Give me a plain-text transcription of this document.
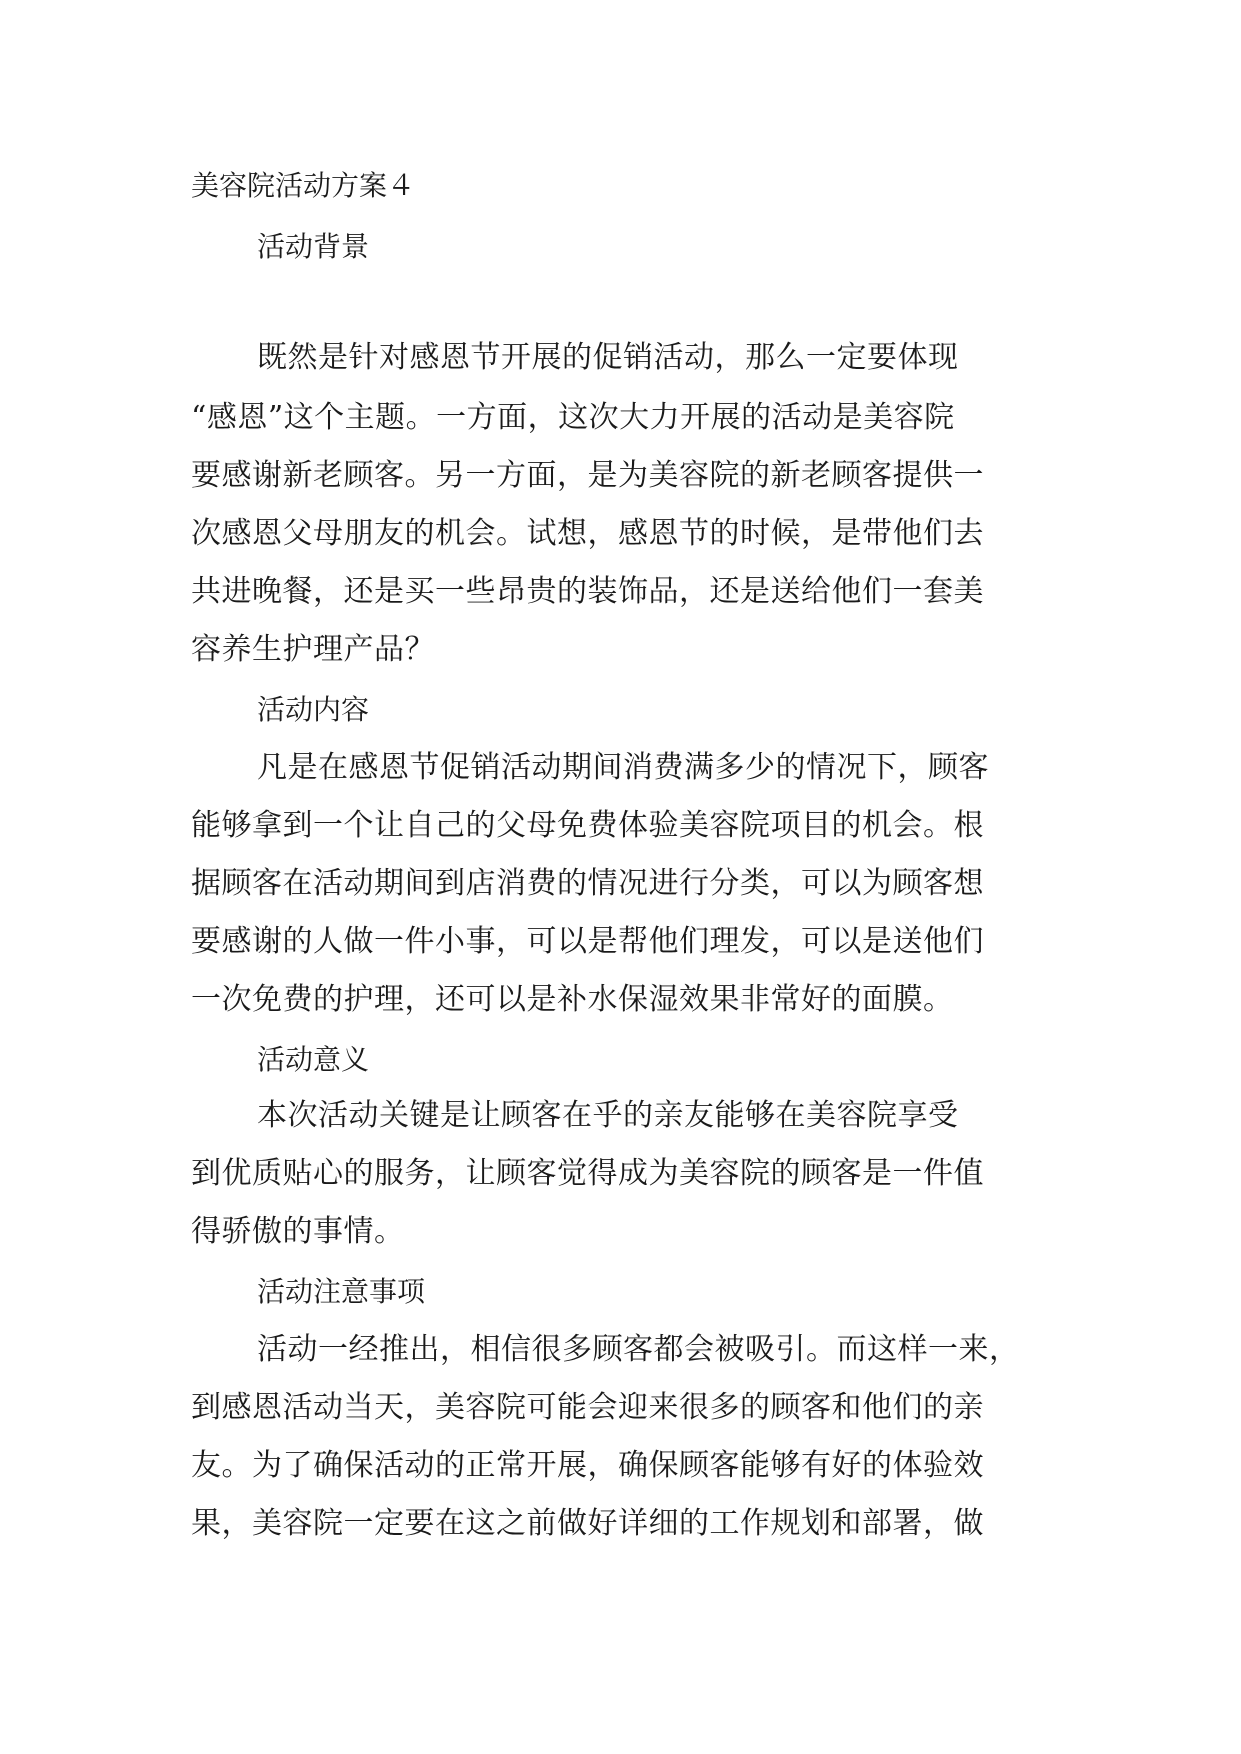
美容院活动方案４
活动背景
既然是针对感恩节开展的促销活动，那么一定要体现
“感恩”这个主题。一方面，这次大力开展的活动是美容院
要感谢新老顾客。另一方面，是为美容院的新老顾客提供一
次感恩父母朋友的机会。试想，感恩节的时候，是带他们去
共进晚餐，还是买一些昂贵的装饰品，还是送给他们一套美
容养生护理产品？
活动内容
凡是在感恩节促销活动期间消费满多少的情况下，顾客
能够拿到一个让自己的父母免费体验美容院项目的机会。根
据顾客在活动期间到店消费的情况进行分类，可以为顾客想
要感谢的人做一件小事，可以是帮他们理发，可以是送他们
一次免费的护理，还可以是补水保湿效果非常好的面膜。
活动意义
本次活动关键是让顾客在乎的亲友能够在美容院享受
到优质贴心的服务，让顾客觉得成为美容院的顾客是一件值
得骄傲的事情。
活动注意事项
活动一经推出，相信很多顾客都会被吸引。而这样一来，
到感恩活动当天，美容院可能会迎来很多的顾客和他们的亲
友。为了确保活动的正常开展，确保顾客能够有好的体验效
果，美容院一定要在这之前做好详细的工作规划和部署，做
